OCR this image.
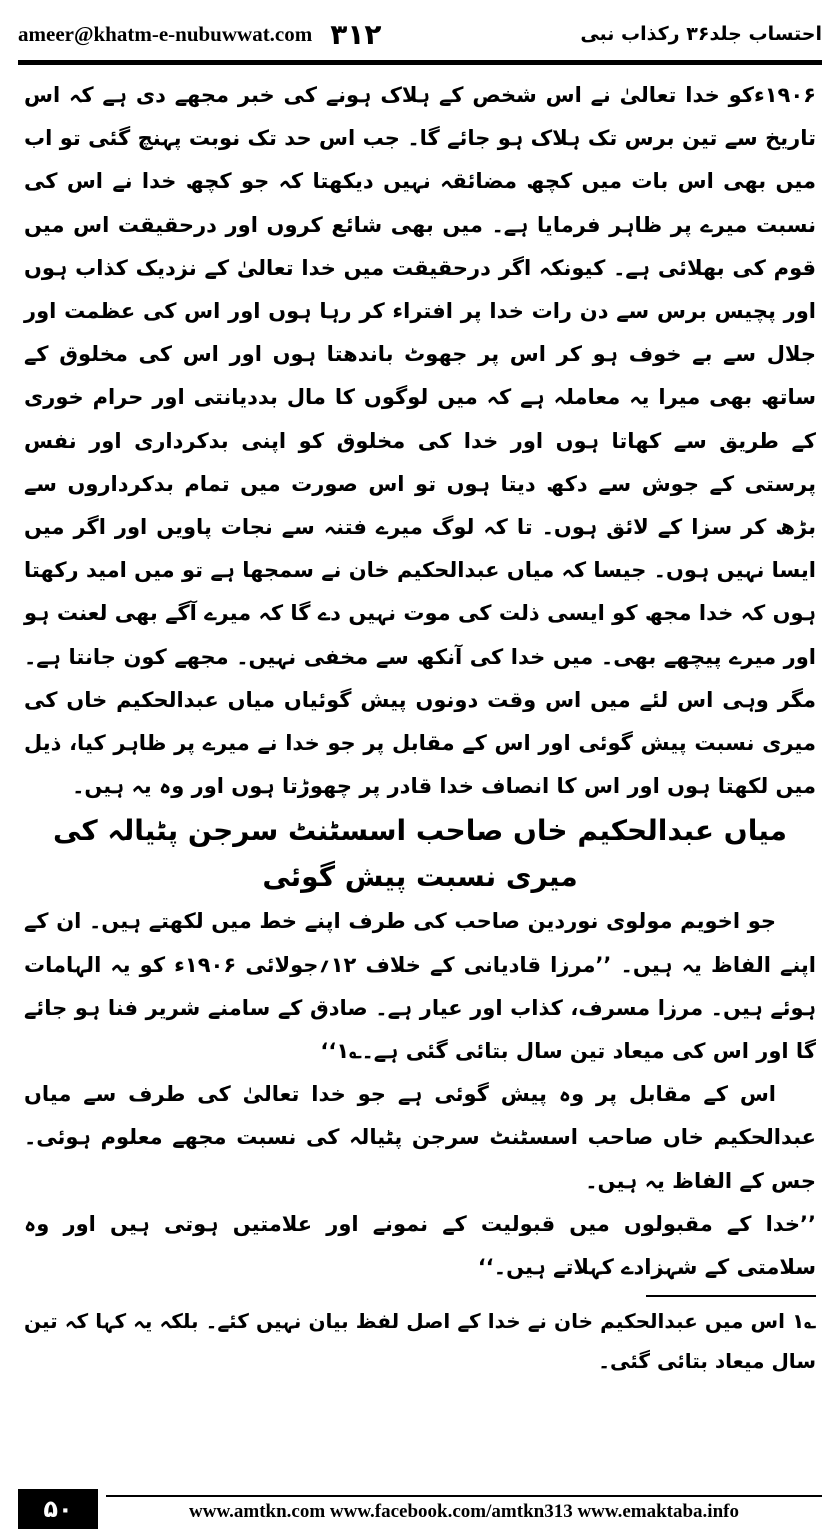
ameer@khatm-e-nubuwwat.com ۳۱۲	احتساب جلد۳۶ رکذاب نبی

۱۹۰۶ءکو خدا تعالیٰ نے اس شخص کے ہلاک ہونے کی خبر مجھے دی ہے کہ اس تاریخ سے تین برس تک ہلاک ہو جائے گا۔ جب اس حد تک نوبت پہنچ گئی تو اب میں بھی اس بات میں کچھ مضائقہ نہیں دیکھتا کہ جو کچھ خدا نے اس کی نسبت میرے پر ظاہر فرمایا ہے۔ میں بھی شائع کروں اور درحقیقت اس میں قوم کی بھلائی ہے۔ کیونکہ اگر درحقیقت میں خدا تعالیٰ کے نزدیک کذاب ہوں اور پچیس برس سے دن رات خدا پر افتراء کر رہا ہوں اور اس کی عظمت اور جلال سے بے خوف ہو کر اس پر جھوٹ باندھتا ہوں اور اس کی مخلوق کے ساتھ بھی میرا یہ معاملہ ہے کہ میں لوگوں کا مال بددیانتی اور حرام خوری کے طریق سے کھاتا ہوں اور خدا کی مخلوق کو اپنی بدکرداری اور نفس پرستی کے جوش سے دکھ دیتا ہوں تو اس صورت میں تمام بدکرداروں سے بڑھ کر سزا کے لائق ہوں۔ تا کہ لوگ میرے فتنہ سے نجات پاویں اور اگر میں ایسا نہیں ہوں۔ جیسا کہ میاں عبدالحکیم خان نے سمجھا ہے تو میں امید رکھتا ہوں کہ خدا مجھ کو ایسی ذلت کی موت نہیں دے گا کہ میرے آگے بھی لعنت ہو اور میرے پیچھے بھی۔ میں خدا کی آنکھ سے مخفی نہیں۔ مجھے کون جانتا ہے۔ مگر وہی اس لئے میں اس وقت دونوں پیش گوئیاں میاں عبدالحکیم خاں کی میری نسبت پیش گوئی اور اس کے مقابل پر جو خدا نے میرے پر ظاہر کیا، ذیل میں لکھتا ہوں اور اس کا انصاف خدا قادر پر چھوڑتا ہوں اور وہ یہ ہیں۔

میاں عبدالحکیم خاں صاحب اسسٹنٹ سرجن پٹیالہ کی میری نسبت پیش گوئی

جو اخویم مولوی نوردین صاحب کی طرف اپنے خط میں لکھتے ہیں۔ ان کے اپنے الفاظ یہ ہیں۔ ’’مرزا قادیانی کے خلاف ۱۲؍جولائی ۱۹۰۶ء کو یہ الہامات ہوئے ہیں۔ مرزا مسرف، کذاب اور عیار ہے۔ صادق کے سامنے شریر فنا ہو جائے گا اور اس کی میعاد تین سال بتائی گئی ہے۔؎۱‘‘

اس کے مقابل پر وہ پیش گوئی ہے جو خدا تعالیٰ کی طرف سے میاں عبدالحکیم خاں صاحب اسسٹنٹ سرجن پٹیالہ کی نسبت مجھے معلوم ہوئی۔ جس کے الفاظ یہ ہیں۔

’’خدا کے مقبولوں میں قبولیت کے نمونے اور علامتیں ہوتی ہیں اور وہ سلامتی کے شہزادے کہلاتے ہیں۔‘‘

؎۱ اس میں عبدالحکیم خان نے خدا کے اصل لفظ بیان نہیں کئے۔ بلکہ یہ کہا کہ تین سال میعاد بتائی گئی۔

۵۰	www.amtkn.com www.facebook.com/amtkn313 www.emaktaba.info
